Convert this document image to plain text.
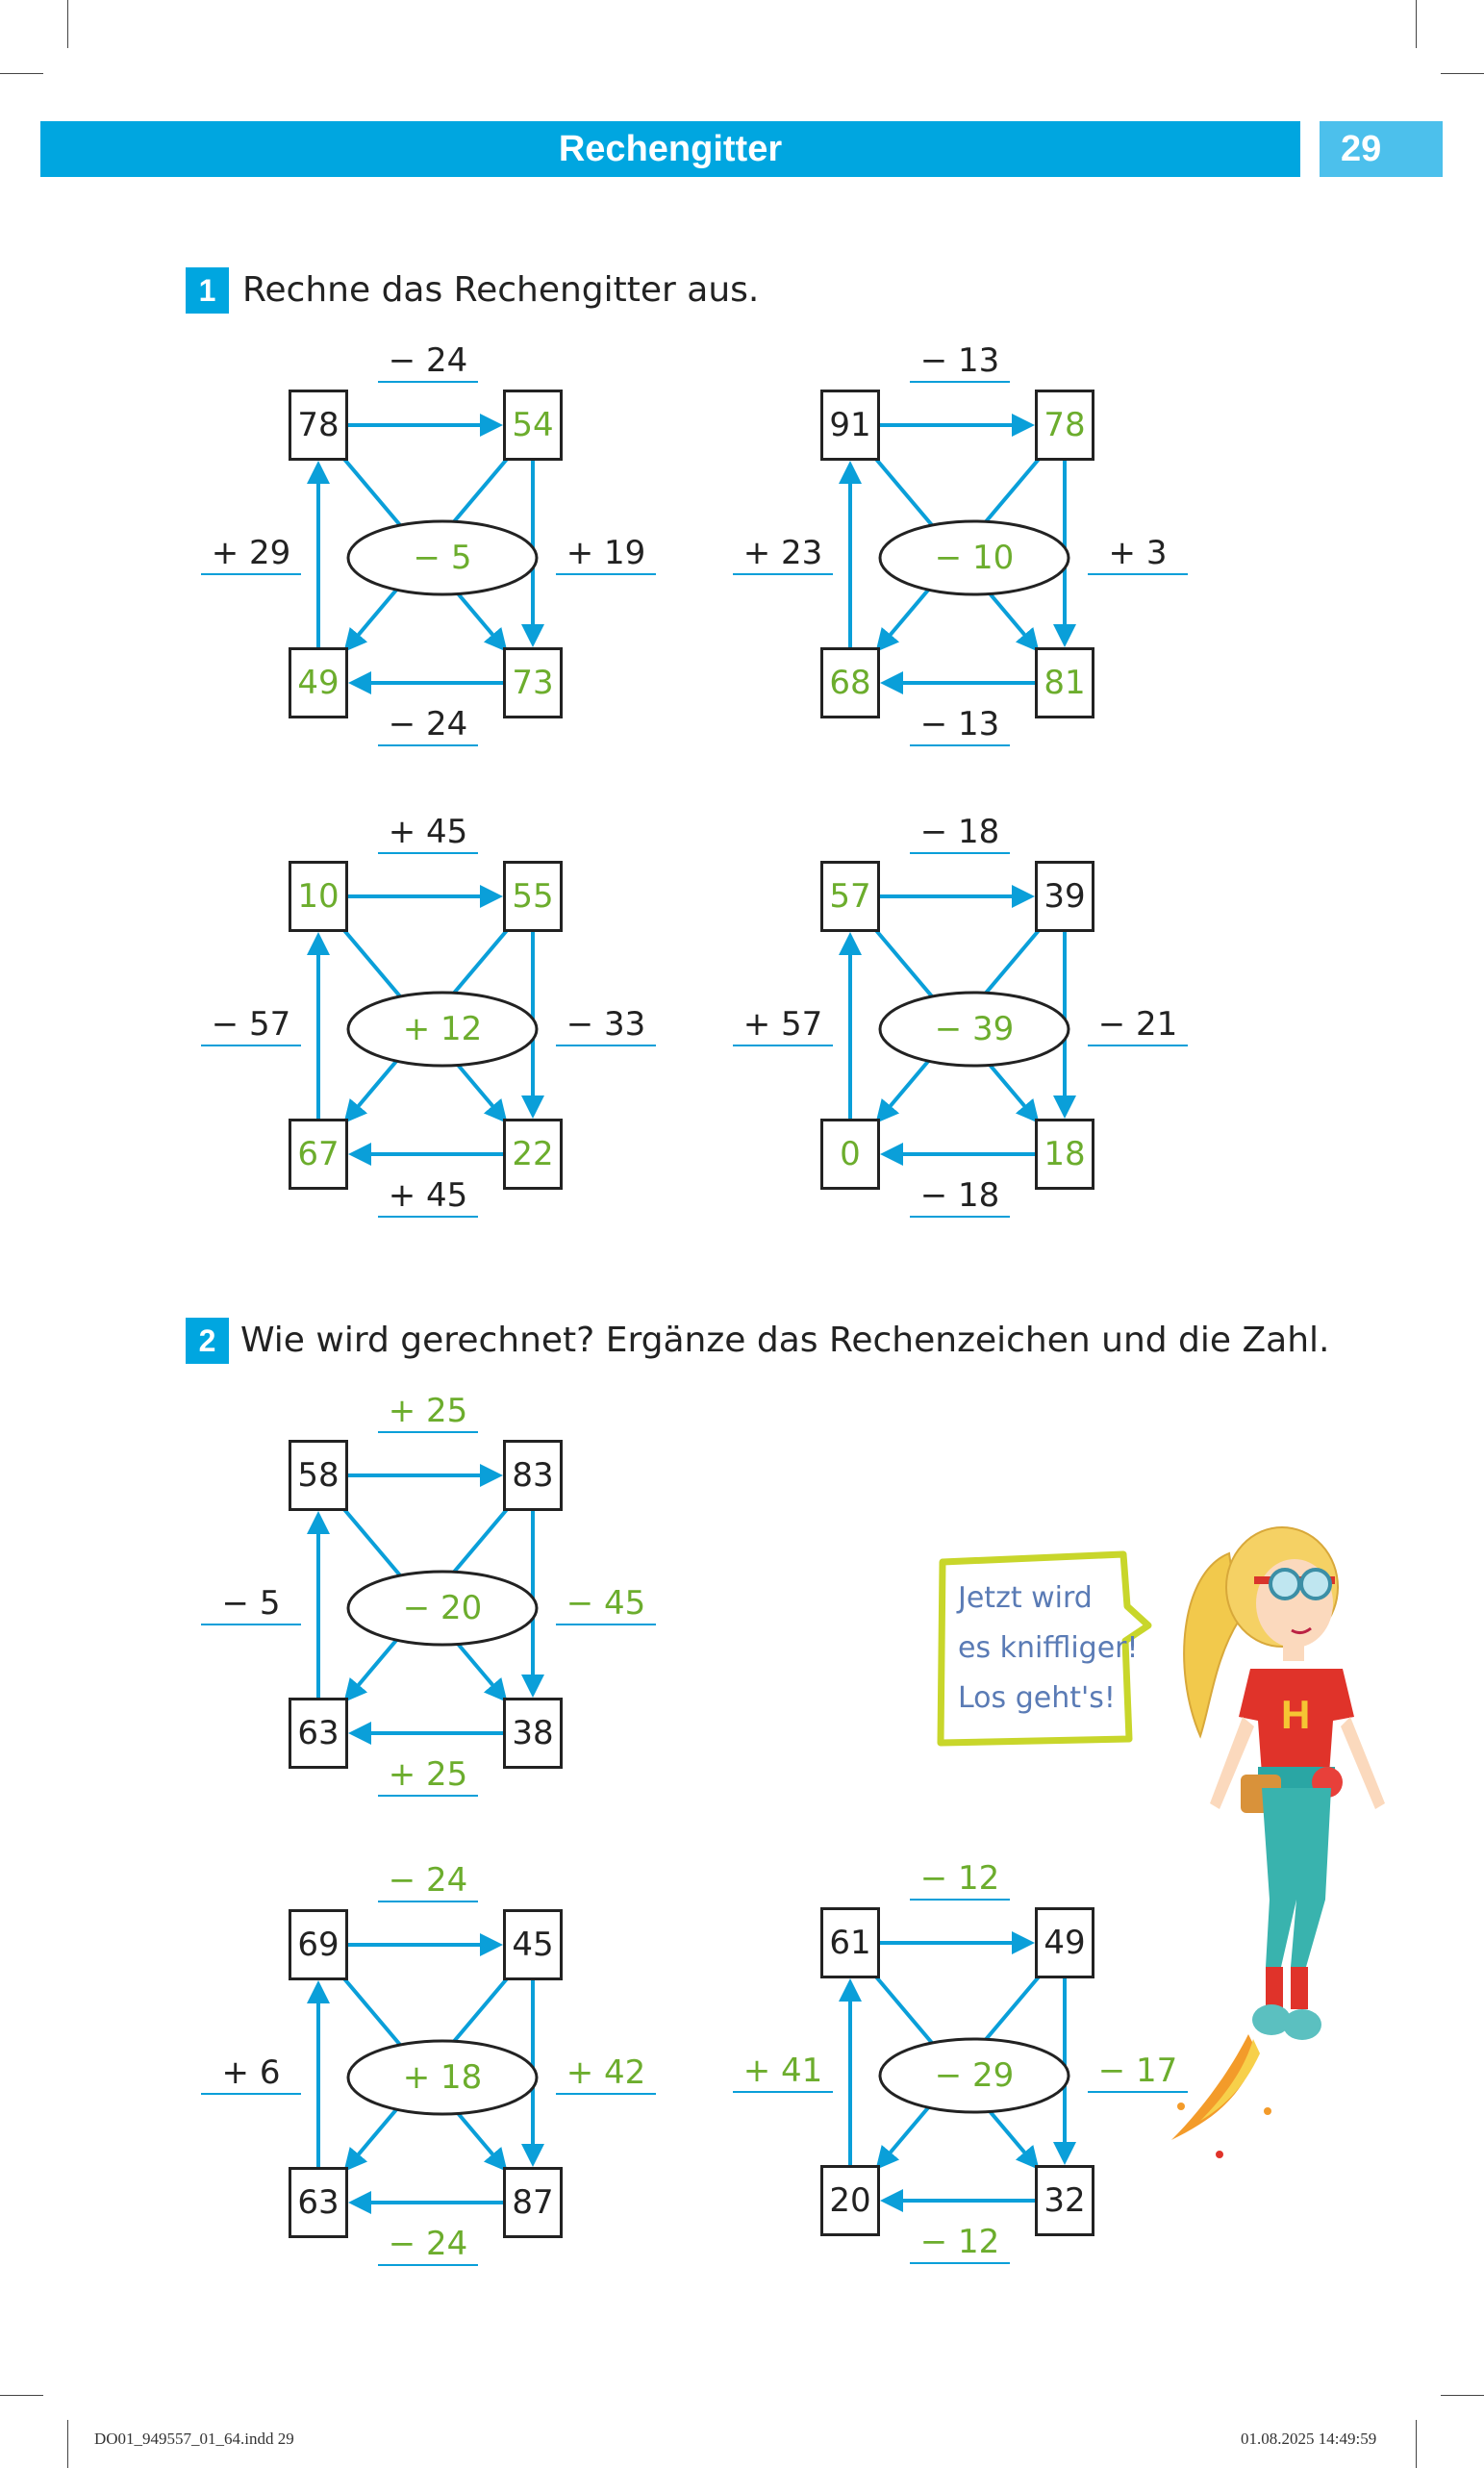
Rechengitter	29
1 Rechne das Rechengitter aus.
2 Wie wird gerechnet? Ergänze das Rechenzeichen und die Zahl.
78	54
49	73
− 5
− 24
− 24
+ 29	+ 19
91	78
68	81
− 10
− 13
− 13
+ 23	+ 3
10	55
67	22
+ 12
+ 45
+ 45
− 57	− 33
57	39
0	18
− 39
− 18
− 18
+ 57	− 21
58	83
63	38
− 20
+ 25
+ 25
− 5	− 45
69	45
63	87
+ 18
− 24
− 24
+ 6	+ 42
61	49
20	32
− 29
− 12
− 12
+ 41	− 17
Jetzt wird
es kniffliger!
Los geht's!	H
DO01_949557_01_64.indd 29	01.08.2025 14:49:59
